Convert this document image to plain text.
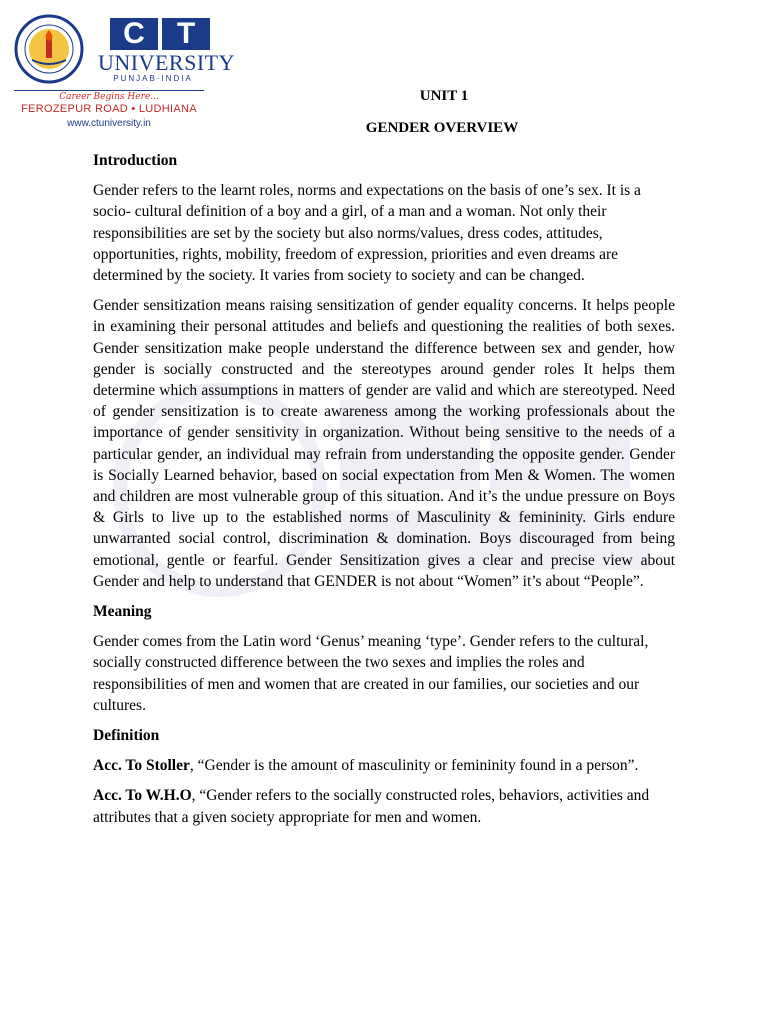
C	T
UNIVERSITY
PUNJAB·INDIA
Career Begins Here...
FEROZEPUR ROAD • LUDHIANA
www.ctuniversity.in
UNIT 1
GENDER OVERVIEW
Introduction

Gender refers to the learnt roles, norms and expectations on the basis of one’s sex. It is a socio- cultural definition of a boy and a girl, of a man and a woman. Not only their responsibilities are set by the society but also norms/values, dress codes, attitudes, opportunities, rights, mobility, freedom of expression, priorities and even dreams are determined by the society. It varies from society to society and can be changed.

Gender sensitization means raising sensitization of gender equality concerns. It helps people in examining their personal attitudes and beliefs and questioning the realities of both sexes. Gender sensitization make people understand the difference between sex and gender, how gender is socially constructed and the stereotypes around gender roles It helps them determine which assumptions in matters of gender are valid and which are stereotyped. Need of gender sensitization is to create awareness among the working professionals about the importance of gender sensitivity in organization. Without being sensitive to the needs of a particular gender, an individual may refrain from understanding the opposite gender. Gender is Socially Learned behavior, based on social expectation from Men & Women. The women and children are most vulnerable group of this situation. And it’s the undue pressure on Boys & Girls to live up to the established norms of Masculinity & femininity. Girls endure unwarranted social control, discrimination & domination. Boys discouraged from being emotional, gentle or fearful. Gender Sensitization gives a clear and precise view about Gender and help to understand that GENDER is not about “Women” it’s about “People”.

Meaning

Gender comes from the Latin word ‘Genus’ meaning ‘type’. Gender refers to the cultural, socially constructed difference between the two sexes and implies the roles and responsibilities of men and women that are created in our families, our societies and our cultures.

Definition

Acc. To Stoller, “Gender is the amount of masculinity or femininity found in a person”.

Acc. To W.H.O, “Gender refers to the socially constructed roles, behaviors, activities and attributes that a given society appropriate for men and women.
